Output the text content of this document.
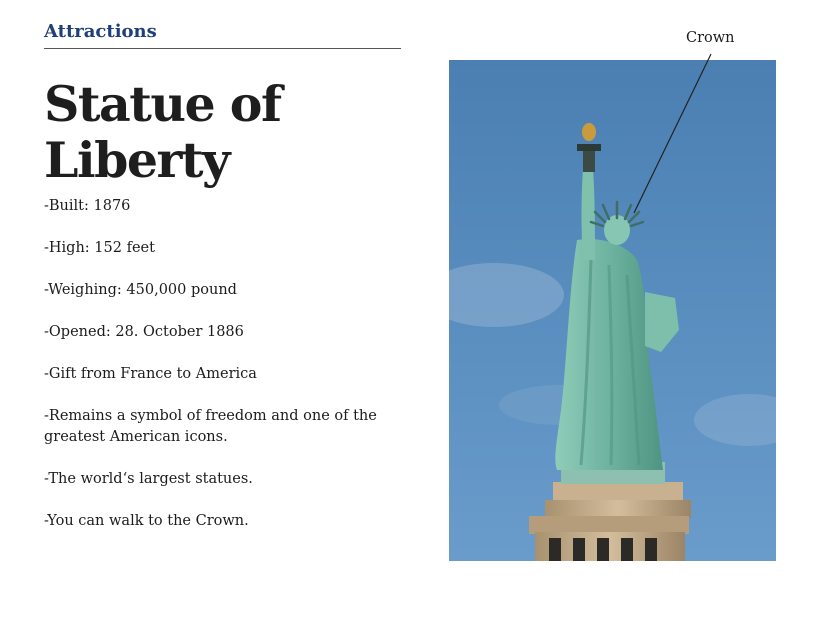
Attractions
Statue of Liberty
-Built: 1876
-High: 152 feet
-Weighing: 450,000 pound
-Opened: 28. October 1886
-Gift from France to America
-Remains a symbol of freedom and one of the greatest American icons.
-The world‘s largest statues.
-You can walk to the Crown.
Crown
